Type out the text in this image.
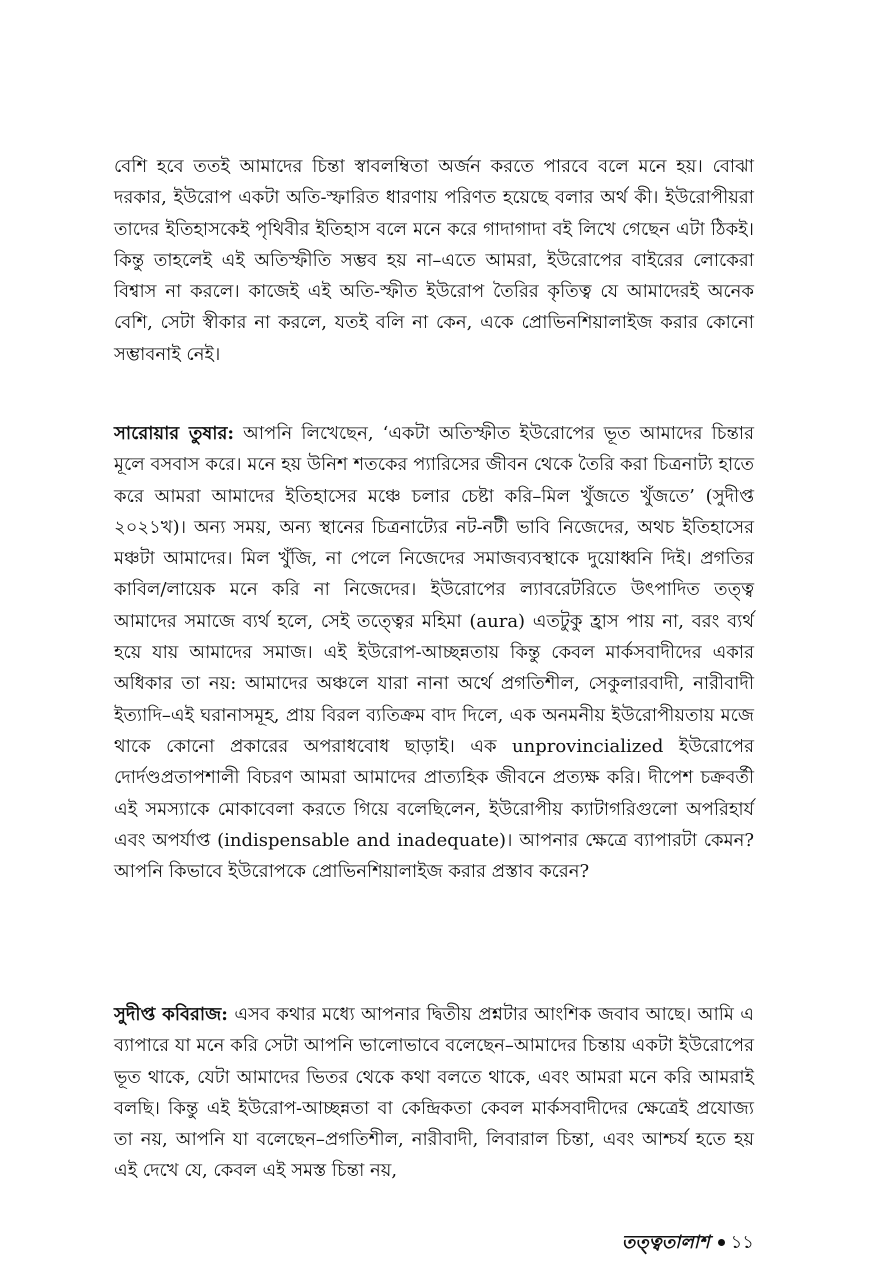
বেশি হবে ততই আমাদের চিন্তা স্বাবলম্বিতা অর্জন করতে পারবে বলে মনে হয়। বোঝা দরকার, ইউরোপ একটা অতি-স্ফারিত ধারণায় পরিণত হয়েছে বলার অর্থ কী। ইউরোপীয়রা তাদের ইতিহাসকেই পৃথিবীর ইতিহাস বলে মনে করে গাদাগাদা বই লিখে গেছেন এটা ঠিকই। কিন্তু তাহলেই এই অতিস্ফীতি সম্ভব হয় না–এতে আমরা, ইউরোপের বাইরের লোকেরা বিশ্বাস না করলে। কাজেই এই অতি-স্ফীত ইউরোপ তৈরির কৃতিত্ব যে আমাদেরই অনেক বেশি, সেটা স্বীকার না করলে, যতই বলি না কেন, একে প্রোভিনশিয়ালাইজ করার কোনো সম্ভাবনাই নেই।

সারোয়ার তুষার: আপনি লিখেছেন, ‘একটা অতিস্ফীত ইউরোপের ভূত আমাদের চিন্তার মূলে বসবাস করে। মনে হয় উনিশ শতকের প্যারিসের জীবন থেকে তৈরি করা চিত্রনাট্য হাতে করে আমরা আমাদের ইতিহাসের মঞ্চে চলার চেষ্টা করি–মিল খুঁজতে খুঁজতে’ (সুদীপ্ত ২০২১খ)। অন্য সময়, অন্য স্থানের চিত্রনাট্যের নট-নটী ভাবি নিজেদের, অথচ ইতিহাসের মঞ্চটা আমাদের। মিল খুঁজি, না পেলে নিজেদের সমাজব্যবস্থাকে দুয়োধ্বনি দিই। প্রগতির কাবিল/লায়েক মনে করি না নিজেদের। ইউরোপের ল্যাবরেটরিতে উৎপাদিত তত্ত্ব আমাদের সমাজে ব্যর্থ হলে, সেই তত্ত্বের মহিমা (aura) এতটুকু হ্রাস পায় না, বরং ব্যর্থ হয়ে যায় আমাদের সমাজ। এই ইউরোপ-আচ্ছন্নতায় কিন্তু কেবল মার্কসবাদীদের একার অধিকার তা নয়: আমাদের অঞ্চলে যারা নানা অর্থে প্রগতিশীল, সেকুলারবাদী, নারীবাদী ইত্যাদি–এই ঘরানাসমূহ, প্রায় বিরল ব্যতিক্রম বাদ দিলে, এক অনমনীয় ইউরোপীয়তায় মজে থাকে কোনো প্রকারের অপরাধবোধ ছাড়াই। এক unprovincialized ইউরোপের দোর্দণ্ডপ্রতাপশালী বিচরণ আমরা আমাদের প্রাত্যহিক জীবনে প্রত্যক্ষ করি। দীপেশ চক্রবর্তী এই সমস্যাকে মোকাবেলা করতে গিয়ে বলেছিলেন, ইউরোপীয় ক্যাটাগরিগুলো অপরিহার্য এবং অপর্যাপ্ত (indispensable and inadequate)। আপনার ক্ষেত্রে ব্যাপারটা কেমন? আপনি কিভাবে ইউরোপকে প্রোভিনশিয়ালাইজ করার প্রস্তাব করেন?

সুদীপ্ত কবিরাজ: এসব কথার মধ্যে আপনার দ্বিতীয় প্রশ্নটার আংশিক জবাব আছে। আমি এ ব্যাপারে যা মনে করি সেটা আপনি ভালোভাবে বলেছেন–আমাদের চিন্তায় একটা ইউরোপের ভূত থাকে, যেটা আমাদের ভিতর থেকে কথা বলতে থাকে, এবং আমরা মনে করি আমরাই বলছি। কিন্তু এই ইউরোপ-আচ্ছন্নতা বা কেন্দ্রিকতা কেবল মার্কসবাদীদের ক্ষেত্রেই প্রযোজ্য তা নয়, আপনি যা বলেছেন–প্রগতিশীল, নারীবাদী, লিবারাল চিন্তা, এবং আশ্চর্য হতে হয় এই দেখে যে, কেবল এই সমস্ত চিন্তা নয়,

তত্ত্বতালাশ ১১
